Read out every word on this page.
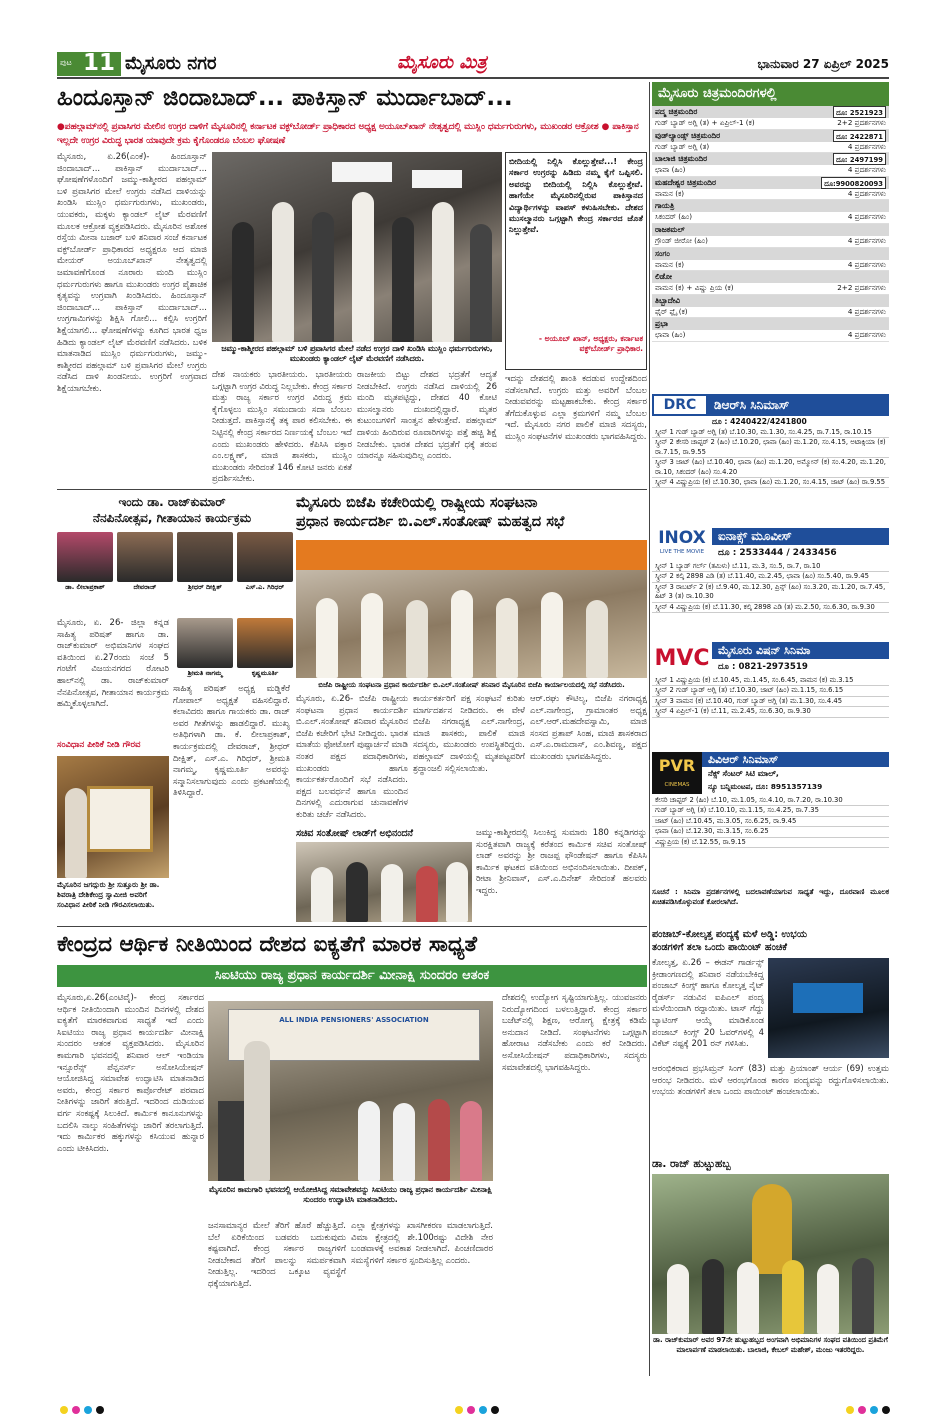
ಪುಟ 11 ಮೈಸೂರು ನಗರ	ಮೈಸೂರು ಮಿತ್ರ	ಭಾನುವಾರ 27 ಏಪ್ರಿಲ್ 2025
ಹಿಂದೂಸ್ತಾನ್ ಜಿಂದಾಬಾದ್... ಪಾಕಿಸ್ತಾನ್ ಮುರ್ದಾಬಾದ್...
●ಪಹಲ್ಗಾಮ್‌ನಲ್ಲಿ ಪ್ರವಾಸಿಗರ ಮೇಲಿನ ಉಗ್ರರ ದಾಳಿಗೆ ಮೈಸೂರಿನಲ್ಲಿ ಕರ್ನಾಟಕ ವಕ್ಫ್‌ಬೋರ್ಡ್ ಪ್ರಾಧಿಕಾರದ ಅಧ್ಯಕ್ಷ ಅಯೂಬ್‌ಖಾನ್ ನೇತೃತ್ವದಲ್ಲಿ ಮುಸ್ಲಿಂ ಧರ್ಮಗುರುಗಳು, ಮುಖಂಡರ ಆಕ್ರೋಶ ● ಪಾಕಿಸ್ತಾನ ಇಲ್ಲದೇ ಉಗ್ರರ ವಿರುದ್ಧ ಭಾರತ ಯಾವುದೇ ಕ್ರಮ ಕೈಗೊಂಡರೂ ಬೆಂಬಲ ಘೋಷಣೆ
ಮೈಸೂರು, ಏ.26(ಎಂಕೆ)- ಹಿಂದೂಸ್ತಾನ್ ಜಿಂದಾಬಾದ್... ಪಾಕಿಸ್ತಾನ್ ಮುರ್ದಾಬಾದ್... ಘೋಷಣೆಗಳೊಂದಿಗೆ ಜಮ್ಮು-ಕಾಶ್ಮೀರದ ಪಹಲ್ಗಾಮ್ ಬಳಿ ಪ್ರವಾಸಿಗರ ಮೇಲೆ ಉಗ್ರರು ನಡೆಸಿದ ದಾಳಿಯನ್ನು ಖಂಡಿಸಿ ಮುಸ್ಲಿಂ ಧರ್ಮಗುರುಗಳು, ಮುಖಂಡರು, ಯುವಕರು, ಮಕ್ಕಳು ಕ್ಯಾಂಡಲ್ ಲೈಟ್ ಮೆರವಣಿಗೆ ಮೂಲಕ ಆಕ್ರೋಶ ವ್ಯಕ್ತಪಡಿಸಿದರು. ಮೈಸೂರಿನ ಅಶೋಕ ರಸ್ತೆಯ ಮೀನಾ ಬಜಾರ್ ಬಳಿ ಶನಿವಾರ ಸಂಜೆ ಕರ್ನಾಟಕ ವಕ್ಫ್‌ಬೋರ್ಡ್ ಪ್ರಾಧಿಕಾರದ ಅಧ್ಯಕ್ಷರೂ ಆದ ಮಾಜಿ ಮೇಯರ್ ಅಯೂಬ್‌ಖಾನ್ ನೇತೃತ್ವದಲ್ಲಿ ಜಮಾವಣೆಗೊಂಡ ನೂರಾರು ಮಂದಿ ಮುಸ್ಲಿಂ ಧರ್ಮಗುರುಗಳು ಹಾಗೂ ಮುಖಂಡರು ಉಗ್ರರ ಪೈಶಾಚಿಕ ಕೃತ್ಯವನ್ನು ಉಗ್ರವಾಗಿ ಖಂಡಿಸಿದರು. ಹಿಂದೂಸ್ತಾನ್ ಜಿಂದಾಬಾದ್... ಪಾಕಿಸ್ತಾನ್ ಮುರ್ದಾಬಾದ್... ಉಗ್ರಗಾಮಿಗಳನ್ನು ಶಿಕ್ಷಿಸಿ ಗೋಲಿ... ಕಲ್ಪಿಸಿ ಉಗ್ರರಿಗೆ ಶಿಕ್ಷೆಯಾಗಲಿ... ಘೋಷಣೆಗಳನ್ನು ಕೂಗಿದ ಭಾರತ ಧ್ವಜ ಹಿಡಿದು ಕ್ಯಾಂಡಲ್ ಲೈಟ್ ಮೆರವಣಿಗೆ ನಡೆಸಿದರು. ಬಳಿಕ ಮಾತನಾಡಿದ ಮುಸ್ಲಿಂ ಧರ್ಮಗುರುಗಳು, ಜಮ್ಮು-ಕಾಶ್ಮೀರದ ಪಹಲ್ಗಾಮ್ ಬಳಿ ಪ್ರವಾಸಿಗರ ಮೇಲೆ ಉಗ್ರರು ನಡೆಸಿದ ದಾಳಿ ಖಂಡನೀಯ. ಉಗ್ರರಿಗೆ ಉಗ್ರವಾದ ಶಿಕ್ಷೆಯಾಗಬೇಕು.
ಜಮ್ಮು-ಕಾಶ್ಮೀರದ ಪಹಲ್ಗಾಮ್ ಬಳಿ ಪ್ರವಾಸಿಗರ ಮೇಲೆ ನಡೆದ ಉಗ್ರರ ದಾಳಿ ಖಂಡಿಸಿ ಮುಸ್ಲಿಂ ಧರ್ಮಗುರುಗಳು, ಮುಖಂಡರು ಕ್ಯಾಂಡಲ್ ಲೈಟ್ ಮೆರವಣಿಗೆ ನಡೆಸಿದರು.
ಬೀದಿಯಲ್ಲಿ ನಿಲ್ಲಿಸಿ ಕೊಲ್ಲುತ್ತೇವೆ...! ಕೇಂದ್ರ ಸರ್ಕಾರ ಉಗ್ರರನ್ನು ಹಿಡಿದು ನಮ್ಮ ಕೈಗೆ ಒಪ್ಪಿಸಲಿ. ಅವರನ್ನು ಬೀದಿಯಲ್ಲಿ ನಿಲ್ಲಿಸಿ ಕೊಲ್ಲುತ್ತೇವೆ. ಹಾಗೆಯೇ ಮೈಸೂರಿನಲ್ಲಿರುವ ಪಾಕಿಸ್ತಾನದ ವಿದ್ಯಾರ್ಥಿಗಳನ್ನು ವಾಪಸ್ ಕಳುಹಿಸಬೇಕು. ದೇಶದ ಮುಸಲ್ಮಾನರು ಒಗ್ಗಟ್ಟಾಗಿ ಕೇಂದ್ರ ಸರ್ಕಾರದ ಜೊತೆ ನಿಲ್ಲುತ್ತೇವೆ.
- ಅಯೂಬ್ ಖಾನ್, ಅಧ್ಯಕ್ಷರು, ಕರ್ನಾಟಕ ವಕ್ಫ್‌ಬೋರ್ಡ್ ಪ್ರಾಧಿಕಾರ.
ದೇಶ ನಾಯಕರು ಭಾರತೀಯರು. ಭಾರತೀಯರು ಒಗ್ಗಟ್ಟಾಗಿ ಉಗ್ರರ ವಿರುದ್ಧ ನಿಲ್ಲಬೇಕು. ಕೇಂದ್ರ ಸರ್ಕಾರ ಮತ್ತು ರಾಜ್ಯ ಸರ್ಕಾರ ಉಗ್ರರ ವಿರುದ್ಧ ಕ್ರಮ ಕೈಗೊಳ್ಳಲು ಮುಸ್ಲಿಂ ಸಮುದಾಯ ಸದಾ ಬೆಂಬಲ ನೀಡುತ್ತದೆ. ಪಾಕಿಸ್ತಾನಕ್ಕೆ ತಕ್ಕ ಪಾಠ ಕಲಿಸಬೇಕು. ಈ ನಿಟ್ಟಿನಲ್ಲಿ ಕೇಂದ್ರ ಸರ್ಕಾರದ ನಿರ್ಣಯಕ್ಕೆ ಬೆಂಬಲ ಇದೆ ಎಂದು ಮುಖಂಡರು ಹೇಳಿದರು. ಕೆಪಿಸಿಸಿ ವಕ್ತಾರ ಎಂ.ಲಕ್ಷ್ಮಣ್, ಮಾಜಿ ಶಾಸಕರು, ಮುಸ್ಲಿಂ ಮುಖಂಡರು ಸೇರಿದಂತೆ 146 ಕೋಟಿ ಜನರು ಏಕತೆ ಪ್ರದರ್ಶಿಸಬೇಕು.
ರಾಜಕೀಯ ಬಿಟ್ಟು ದೇಶದ ಭದ್ರತೆಗೆ ಆದ್ಯತೆ ನೀಡಬೇಕಿದೆ. ಉಗ್ರರು ನಡೆಸಿದ ದಾಳಿಯಲ್ಲಿ 26 ಮಂದಿ ಮೃತಪಟ್ಟಿದ್ದು, ದೇಶದ 40 ಕೋಟಿ ಮುಸಲ್ಮಾನರು ದುಃಖದಲ್ಲಿದ್ದಾರೆ. ಮೃತರ ಕುಟುಂಬಗಳಿಗೆ ಸಾಂತ್ವನ ಹೇಳುತ್ತೇವೆ. ಪಹಲ್ಗಾಮ್ ದಾಳಿಯ ಹಿಂದಿರುವ ರೂವಾರಿಗಳನ್ನು ಪತ್ತೆ ಹಚ್ಚಿ ಶಿಕ್ಷೆ ನೀಡಬೇಕು. ಭಾರತ ದೇಶದ ಭದ್ರತೆಗೆ ಧಕ್ಕೆ ತರುವ ಯಾರನ್ನೂ ಸಹಿಸುವುದಿಲ್ಲ ಎಂದರು.
ಇದನ್ನು ದೇಶದಲ್ಲಿ ಶಾಂತಿ ಕದಡುವ ಉದ್ದೇಶದಿಂದ ನಡೆಸಲಾಗಿದೆ. ಉಗ್ರರು ಮತ್ತು ಅವರಿಗೆ ಬೆಂಬಲ ನೀಡುವವರನ್ನು ಮಟ್ಟಹಾಕಬೇಕು. ಕೇಂದ್ರ ಸರ್ಕಾರ ತೆಗೆದುಕೊಳ್ಳುವ ಎಲ್ಲಾ ಕ್ರಮಗಳಿಗೆ ನಮ್ಮ ಬೆಂಬಲ ಇದೆ. ಮೈಸೂರು ನಗರ ಪಾಲಿಕೆ ಮಾಜಿ ಸದಸ್ಯರು, ಮುಸ್ಲಿಂ ಸಂಘಟನೆಗಳ ಮುಖಂಡರು ಭಾಗವಹಿಸಿದ್ದರು.
ಮೈಸೂರು ಚಿತ್ರಮಂದಿರಗಳಲ್ಲಿ
ಪದ್ಮ ಚಿತ್ರಮಂದಿರ	ದೂ: 2521923
ಗುಡ್ ಬ್ಯಾಡ್ ಅಗ್ಲಿ (ತ) + ಏಪ್ರಿಲ್-1 (ಕ)	2+2 ಪ್ರದರ್ಶನಗಳು
ವುಡ್‌ಲ್ಯಾಂಡ್ಸ್ ಚಿತ್ರಮಂದಿರ	ದೂ: 2422871
ಗುಡ್ ಬ್ಯಾಡ್ ಅಗ್ಲಿ (ತ)	4 ಪ್ರದರ್ಶನಗಳು
ಬಾಲಾಜಿ ಚಿತ್ರಮಂದಿರ	ದೂ: 2497199
ಛಾವಾ (ಹಿಂ)	4 ಪ್ರದರ್ಶನಗಳು
ಮಹದೇಶ್ವರ ಚಿತ್ರಮಂದಿರ	ದೂ:9900820093
ವಾಮನ (ಕ)	4 ಪ್ರದರ್ಶನಗಳು
ಗಾಯತ್ರಿ
ಸಿಕಂದರ್ (ಹಿಂ)	4 ಪ್ರದರ್ಶನಗಳು
ರಾಜಕಮಲ್
ಗ್ರೌಂಡ್ ಜೀರೋ (ಹಿಂ)	4 ಪ್ರದರ್ಶನಗಳು
ಸಂಗಂ
ವಾಮನ (ಕ)	4 ಪ್ರದರ್ಶನಗಳು
ಲಿಡೋ
ವಾಮನ (ಕ) + ವಿಷ್ಣು ಪ್ರಿಯ (ಕ)	2+2 ಪ್ರದರ್ಶನಗಳು
ತಿಬ್ಬಾದೇವಿ
ಫೈರ್ ಫ್ಲೈ (ಕ)	4 ಪ್ರದರ್ಶನಗಳು
ಪ್ರಭಾ
ಛಾವಾ (ಹಿಂ)	4 ಪ್ರದರ್ಶನಗಳು
DRC	ಡಿಆರ್‌ಸಿ ಸಿನಿಮಾಸ್
ದೂ : 4240422/4241800
ಸ್ಕ್ರೀನ್ 1 ಗುಡ್ ಬ್ಯಾಡ್ ಅಗ್ಲಿ (ತ) ಬೆ.10.30, ಮ.1.30, ಸಂ.4.25, ರಾ.7.15, ರಾ.10.15
ಸ್ಕ್ರೀನ್ 2 ಕೇಸರಿ ಚಾಪ್ಟರ್ 2 (ಹಿಂ) ಬೆ.10.20, ಛಾವಾ (ಹಿಂ) ಮ.1.20, ಸಂ.4.15, ಅಟಾಕ್ಸಿಯಾ (ಕ) ರಾ.7.15, ರಾ.9.55
ಸ್ಕ್ರೀನ್ 3 ಜಾಟ್ (ಹಿಂ) ಬೆ.10.40, ಛಾವಾ (ಹಿಂ) ಮ.1.20, ಅಮ್ಮೋನ್ (ಕ) ಸಂ.4.20, ಮ.1.20, ರಾ.10, ಸಿಕಂದರ್ (ಹಿಂ) ಸಂ.4.20
ಸ್ಕ್ರೀನ್ 4 ವಿಷ್ಣುಪ್ರಿಯ (ಕ) ಬೆ.10.30, ಛಾವಾ (ಹಿಂ) ಮ.1.20, ಸಂ.4.15, ಜಾಟ್ (ಹಿಂ) ರಾ.9.55
INOX
LIVE THE MOVIE
ಐನಾಕ್ಸ್ ಮೂವೀಸ್
ದೂ : 2533444 / 2433456
ಸ್ಕ್ರೀನ್ 1 ಬ್ಯಾಡ್ ಗರ್ಲ್ (ತಮಿಳು) ಬೆ.11, ಮ.3, ಸಂ.5, ರಾ.7, ರಾ.10
ಸ್ಕ್ರೀನ್ 2 ಕಲ್ಕಿ 2898 ಎಡಿ (ತ) ಬೆ.11.40, ಮ.2.45, ಛಾವಾ (ಹಿಂ) ಸಂ.5.40, ರಾ.9.45
ಸ್ಕ್ರೀನ್ 3 ರಾಬರ್ಟ್ 2 (ಕ) ಬೆ.9.40, ಮ.12.30, ಪ್ರಿನ್ಸ್ (ಹಿಂ) ಸಂ.3.20, ಮ.1.20, ರಾ.7.45, ಹಿಟ್ 3 (ತ) ರಾ.10.30
ಸ್ಕ್ರೀನ್ 4 ವಿಷ್ಣುಪ್ರಿಯ (ಕ) ಬೆ.11.30, ಕಲ್ಕಿ 2898 ಎಡಿ (ತ) ಮ.2.50, ಸಂ.6.30, ರಾ.9.30
MVC ಮೈಸೂರು ವಿಷನ್ ಸಿನಿಮಾ
ದೂ : 0821-2973519
ಸ್ಕ್ರೀನ್ 1 ವಿಷ್ಣುಪ್ರಿಯ (ಕ) ಬೆ.10.45, ಮ.1.45, ಸಂ.6.45, ವಾಮನ (ಕ) ಮ.3.15
ಸ್ಕ್ರೀನ್ 2 ಗುಡ್ ಬ್ಯಾಡ್ ಅಗ್ಲಿ (ತ) ಬೆ.10.30, ಜಾಟ್ (ಹಿಂ) ಮ.1.15, ಸಂ.6.15
ಸ್ಕ್ರೀನ್ 3 ವಾಮನ (ಕ) ಬೆ.10.40, ಗುಡ್ ಬ್ಯಾಡ್ ಅಗ್ಲಿ (ತ) ಮ.1.30, ಸಂ.4.45
ಸ್ಕ್ರೀನ್ 4 ಏಪ್ರಿಲ್-1 (ಕ) ಬೆ.11, ಮ.2.45, ಸಂ.6.30, ರಾ.9.30
PVR
CINEMAS
ಪಿವಿಆರ್ ಸಿನಿಮಾಸ್
ನೆಕ್ಸ್ ಸೆಂಟರ್ ಸಿಟಿ ಮಾಲ್,
ನ್ಯೂ ಬನ್ನಿಮಂಟಪ, ದೂ: 8951357139
ಕೇಸರಿ ಚಾಪ್ಟರ್ 2 (ಹಿಂ) ಬೆ.10, ಮ.1.05, ಸಂ.4.10, ರಾ.7.20, ರಾ.10.30
ಗುಡ್ ಬ್ಯಾಡ್ ಅಗ್ಲಿ (ತ) ಬೆ.10.10, ಮ.1.15, ಸಂ.4.25, ರಾ.7.35
ಜಾಟ್ (ಹಿಂ) ಬೆ.10.45, ಮ.3.05, ಸಂ.6.25, ರಾ.9.45
ಛಾವಾ (ಹಿಂ) ಬೆ.12.30, ಮ.3.15, ಸಂ.6.25
ವಿಷ್ಣುಪ್ರಿಯ (ಕ) ಬೆ.12.55, ರಾ.9.15
ಸೂಚನೆ : ಸಿನಿಮಾ ಪ್ರದರ್ಶನಗಳಲ್ಲಿ ಬದಲಾವಣೆಯಾಗುವ ಸಾಧ್ಯತೆ ಇದ್ದು, ದೂರವಾಣಿ ಮೂಲಕ ಖಚಿತಪಡಿಸಿಕೊಳ್ಳುವಂತೆ ಕೋರಲಾಗಿದೆ.
ಇಂದು ಡಾ. ರಾಜ್‌ಕುಮಾರ್
ನೆನಪಿನೋತ್ಸವ, ಗೀತಾಯಾನ ಕಾರ್ಯಕ್ರಮ
ಡಾ. ಲೀಲಾಪ್ರಕಾಶ್	ದೇವರಾಜ್	ಶ್ರೀಧರ್ ದೀಕ್ಷಿತ್	ಎಸ್.ಎ. ಗಿರಿಧರ್
ಶ್ರೀಮತಿ ನಾಗಮ್ಮ	ಕೃಷ್ಣಮೂರ್ತಿ
ಮೈಸೂರು, ಏ. 26- ಜಿಲ್ಲಾ ಕನ್ನಡ ಸಾಹಿತ್ಯ ಪರಿಷತ್ ಹಾಗೂ ಡಾ. ರಾಜ್‌ಕುಮಾರ್ ಅಭಿಮಾನಿಗಳ ಸಂಘದ ವತಿಯಿಂದ ಏ.27ರಂದು ಸಂಜೆ 5 ಗಂಟೆಗೆ ವಿಜಯನಗರದ ರೋಟರಿ ಹಾಲ್‌ನಲ್ಲಿ ಡಾ. ರಾಜ್‌ಕುಮಾರ್ ನೆನಪಿನೋತ್ಸವ, ಗೀತಾಯಾನ ಕಾರ್ಯಕ್ರಮ ಹಮ್ಮಿಕೊಳ್ಳಲಾಗಿದೆ.
ಸಂವಿಧಾನ ಪೀಠಿಕೆ ನೀಡಿ ಗೌರವ
ಮೈಸೂರಿನ ಜಗದ್ಗುರು ಶ್ರೀ ಸುತ್ತೂರು ಶ್ರೀ ಡಾ. ಶಿವರಾತ್ರಿ ದೇಶಿಕೇಂದ್ರ ಸ್ವಾಮೀಜಿ ಅವರಿಗೆ ಸಂವಿಧಾನ ಪೀಠಿಕೆ ನೀಡಿ ಗೌರವಿಸಲಾಯಿತು.
ಸಾಹಿತ್ಯ ಪರಿಷತ್ ಅಧ್ಯಕ್ಷ ಮಡ್ಡಿಕೆರೆ ಗೋಪಾಲ್ ಅಧ್ಯಕ್ಷತೆ ವಹಿಸಲಿದ್ದಾರೆ. ಕಲಾವಿದರು ಹಾಗೂ ಗಾಯಕರು ಡಾ. ರಾಜ್ ಅವರ ಗೀತೆಗಳನ್ನು ಹಾಡಲಿದ್ದಾರೆ. ಮುಖ್ಯ ಅತಿಥಿಗಳಾಗಿ ಡಾ. ಕೆ. ಲೀಲಾಪ್ರಕಾಶ್, ಕಾರ್ಯಕ್ರಮದಲ್ಲಿ ದೇವರಾಜ್, ಶ್ರೀಧರ್ ದೀಕ್ಷಿತ್, ಎಸ್.ಎ. ಗಿರಿಧರ್, ಶ್ರೀಮತಿ ನಾಗಮ್ಮ, ಕೃಷ್ಣಮೂರ್ತಿ ಅವರನ್ನು ಸನ್ಮಾನಿಸಲಾಗುವುದು ಎಂದು ಪ್ರಕಟಣೆಯಲ್ಲಿ ತಿಳಿಸಿದ್ದಾರೆ.
ಮೈಸೂರು ಬಿಜೆಪಿ ಕಚೇರಿಯಲ್ಲಿ ರಾಷ್ಟ್ರೀಯ ಸಂಘಟನಾ
ಪ್ರಧಾನ ಕಾರ್ಯದರ್ಶಿ ಬಿ.ಎಲ್.ಸಂತೋಷ್ ಮಹತ್ವದ ಸಭೆ
ಬಿಜೆಪಿ ರಾಷ್ಟ್ರೀಯ ಸಂಘಟನಾ ಪ್ರಧಾನ ಕಾರ್ಯದರ್ಶಿ ಬಿ.ಎಲ್.ಸಂತೋಷ್ ಶನಿವಾರ ಮೈಸೂರಿನ ಬಿಜೆಪಿ ಕಾರ್ಯಾಲಯದಲ್ಲಿ ಸಭೆ ನಡೆಸಿದರು.
ಮೈಸೂರು, ಏ.26- ಬಿಜೆಪಿ ರಾಷ್ಟ್ರೀಯ ಸಂಘಟನಾ ಪ್ರಧಾನ ಕಾರ್ಯದರ್ಶಿ ಬಿ.ಎಲ್.ಸಂತೋಷ್ ಶನಿವಾರ ಮೈಸೂರಿನ ಬಿಜೆಪಿ ಕಚೇರಿಗೆ ಭೇಟಿ ನೀಡಿದ್ದರು. ಭಾರತ ಮಾತೆಯ ಫೋಟೋಗೆ ಪುಷ್ಪಾರ್ಚನೆ ಮಾಡಿ ನಂತರ ಪಕ್ಷದ ಪದಾಧಿಕಾರಿಗಳು, ಮುಖಂಡರು ಹಾಗೂ ಕಾರ್ಯಕರ್ತರೊಂದಿಗೆ ಸಭೆ ನಡೆಸಿದರು. ಪಕ್ಷದ ಬಲವರ್ಧನೆ ಹಾಗೂ ಮುಂದಿನ ದಿನಗಳಲ್ಲಿ ಎದುರಾಗುವ ಚುನಾವಣೆಗಳ ಕುರಿತು ಚರ್ಚೆ ನಡೆಸಿದರು.
ಕಾರ್ಯಕರ್ತರಿಗೆ ಪಕ್ಷ ಸಂಘಟನೆ ಕುರಿತು ಮಾರ್ಗದರ್ಶನ ನೀಡಿದರು. ಈ ವೇಳೆ ಬಿಜೆಪಿ ನಗರಾಧ್ಯಕ್ಷ ಎಲ್.ನಾಗೇಂದ್ರ, ಮಾಜಿ ಶಾಸಕರು, ಪಾಲಿಕೆ ಮಾಜಿ ಸದಸ್ಯರು, ಮುಖಂಡರು ಉಪಸ್ಥಿತರಿದ್ದರು. ಪಹಲ್ಗಾಮ್ ದಾಳಿಯಲ್ಲಿ ಮೃತಪಟ್ಟವರಿಗೆ ಶ್ರದ್ಧಾಂಜಲಿ ಸಲ್ಲಿಸಲಾಯಿತು.
ಆರ್.ರಘು ಕೌಟಿಲ್ಯ, ಬಿಜೆಪಿ ನಗರಾಧ್ಯಕ್ಷ ಎಲ್.ನಾಗೇಂದ್ರ, ಗ್ರಾಮಾಂತರ ಅಧ್ಯಕ್ಷ ಎಲ್.ಆರ್.ಮಹದೇವಸ್ವಾಮಿ, ಮಾಜಿ ಸಂಸದ ಪ್ರತಾಪ್ ಸಿಂಹ, ಮಾಜಿ ಶಾಸಕರಾದ ಎಸ್.ಎ.ರಾಮದಾಸ್, ಎಂ.ಶಿವಣ್ಣ, ಪಕ್ಷದ ಮುಖಂಡರು ಭಾಗವಹಿಸಿದ್ದರು.
ಸಚಿವ ಸಂತೋಷ್ ಲಾಡ್‌ಗೆ ಅಭಿನಂದನೆ	ಜಮ್ಮು-ಕಾಶ್ಮೀರದಲ್ಲಿ ಸಿಲುಕಿದ್ದ ಸುಮಾರು 180 ಕನ್ನಡಿಗರನ್ನು ಸುರಕ್ಷಿತವಾಗಿ ರಾಜ್ಯಕ್ಕೆ ಕರೆತಂದ ಕಾರ್ಮಿಕ ಸಚಿವ ಸಂತೋಷ್ ಲಾಡ್ ಅವರನ್ನು ಶ್ರೀ ರಾಜಪ್ಪ ಫೌಂಡೇಷನ್ ಹಾಗೂ ಕೆಪಿಸಿಸಿ ಕಾರ್ಮಿಕ ಘಟಕದ ವತಿಯಿಂದ ಅಭಿನಂದಿಸಲಾಯಿತು. ದೀಪಕ್, ರೀಟಾ ಶ್ರೀನಿವಾಸ್, ಎಸ್.ಎ.ದಿನೇಶ್ ಸೇರಿದಂತೆ ಹಲವರು ಇದ್ದರು.
ಪಂಜಾಬ್-ಕೋಲ್ಕತ್ತ ಪಂದ್ಯಕ್ಕೆ ಮಳೆ ಅಡ್ಡಿ: ಉಭಯ
ತಂಡಗಳಿಗೆ ತಲಾ ಒಂದು ಪಾಯಿಂಟ್ ಹಂಚಿಕೆ
ಕೇಂದ್ರದ ಆರ್ಥಿಕ ನೀತಿಯಿಂದ ದೇಶದ ಐಕ್ಯತೆಗೆ ಮಾರಕ ಸಾಧ್ಯತೆ
ಸಿಐಟಿಯು ರಾಜ್ಯ ಪ್ರಧಾನ ಕಾರ್ಯದರ್ಶಿ ಮೀನಾಕ್ಷಿ ಸುಂದರಂ ಆತಂಕ
ಮೈಸೂರು,ಏ.26(ಎಂಟಿವೈ)- ಕೇಂದ್ರ ಸರ್ಕಾರದ ಆರ್ಥಿಕ ನೀತಿಯಿಂದಾಗಿ ಮುಂದಿನ ದಿನಗಳಲ್ಲಿ ದೇಶದ ಐಕ್ಯತೆಗೆ ಮಾರಕವಾಗುವ ಸಾಧ್ಯತೆ ಇದೆ ಎಂದು ಸಿಐಟಿಯು ರಾಜ್ಯ ಪ್ರಧಾನ ಕಾರ್ಯದರ್ಶಿ ಮೀನಾಕ್ಷಿ ಸುಂದರಂ ಆತಂಕ ವ್ಯಕ್ತಪಡಿಸಿದರು. ಮೈಸೂರಿನ ಕಾಮಗಾರಿ ಭವನದಲ್ಲಿ ಶನಿವಾರ ಆಲ್ ಇಂಡಿಯಾ ಇನ್ಸೂರೆನ್ಸ್ ಪೆನ್ಷನರ್ಸ್ ಅಸೋಸಿಯೇಷನ್ ಆಯೋಜಿಸಿದ್ದ ಸಮಾವೇಶ ಉದ್ಘಾಟಿಸಿ ಮಾತನಾಡಿದ ಅವರು, ಕೇಂದ್ರ ಸರ್ಕಾರ ಕಾರ್ಪೊರೇಟ್ ಪರವಾದ ನೀತಿಗಳನ್ನು ಜಾರಿಗೆ ತರುತ್ತಿದೆ. ಇದರಿಂದ ದುಡಿಯುವ ವರ್ಗ ಸಂಕಷ್ಟಕ್ಕೆ ಸಿಲುಕಿದೆ. ಕಾರ್ಮಿಕ ಕಾನೂನುಗಳನ್ನು ಬದಲಿಸಿ ನಾಲ್ಕು ಸಂಹಿತೆಗಳನ್ನು ಜಾರಿಗೆ ತರಲಾಗುತ್ತಿದೆ. ಇದು ಕಾರ್ಮಿಕರ ಹಕ್ಕುಗಳನ್ನು ಕಸಿಯುವ ಹುನ್ನಾರ ಎಂದು ಟೀಕಿಸಿದರು.
ALL INDIA PENSIONERS' ASSOCIATION
ಮೈಸೂರಿನ ಕಾಮಗಾರಿ ಭವನದಲ್ಲಿ ಆಯೋಜಿಸಿದ್ದ ಸಮಾವೇಶವನ್ನು ಸಿಐಟಿಯು ರಾಜ್ಯ ಪ್ರಧಾನ ಕಾರ್ಯದರ್ಶಿ ಮೀನಾಕ್ಷಿ ಸುಂದರಂ ಉದ್ಘಾಟಿಸಿ ಮಾತನಾಡಿದರು.
ಜನಸಾಮಾನ್ಯರ ಮೇಲೆ ತೆರಿಗೆ ಹೊರೆ ಹೆಚ್ಚುತ್ತಿದೆ. ಬೆಲೆ ಏರಿಕೆಯಿಂದ ಬಡವರು ಬದುಕುವುದು ಕಷ್ಟವಾಗಿದೆ. ಕೇಂದ್ರ ಸರ್ಕಾರ ರಾಜ್ಯಗಳಿಗೆ ನೀಡಬೇಕಾದ ತೆರಿಗೆ ಪಾಲನ್ನು ಸಮರ್ಪಕವಾಗಿ ನೀಡುತ್ತಿಲ್ಲ. ಇದರಿಂದ ಒಕ್ಕೂಟ ವ್ಯವಸ್ಥೆಗೆ ಧಕ್ಕೆಯಾಗುತ್ತಿದೆ.
ಎಲ್ಲಾ ಕ್ಷೇತ್ರಗಳನ್ನು ಖಾಸಗೀಕರಣ ಮಾಡಲಾಗುತ್ತಿದೆ. ವಿಮಾ ಕ್ಷೇತ್ರದಲ್ಲಿ ಶೇ.100ರಷ್ಟು ವಿದೇಶಿ ನೇರ ಬಂಡವಾಳಕ್ಕೆ ಅವಕಾಶ ನೀಡಲಾಗಿದೆ. ಪಿಂಚಣಿದಾರರ ಸಮಸ್ಯೆಗಳಿಗೆ ಸರ್ಕಾರ ಸ್ಪಂದಿಸುತ್ತಿಲ್ಲ ಎಂದರು.
ದೇಶದಲ್ಲಿ ಉದ್ಯೋಗ ಸೃಷ್ಟಿಯಾಗುತ್ತಿಲ್ಲ. ಯುವಜನರು ನಿರುದ್ಯೋಗದಿಂದ ಬಳಲುತ್ತಿದ್ದಾರೆ. ಕೇಂದ್ರ ಸರ್ಕಾರ ಬಜೆಟ್‌ನಲ್ಲಿ ಶಿಕ್ಷಣ, ಆರೋಗ್ಯ ಕ್ಷೇತ್ರಕ್ಕೆ ಕಡಿಮೆ ಅನುದಾನ ನೀಡಿದೆ. ಸಂಘಟನೆಗಳು ಒಗ್ಗಟ್ಟಾಗಿ ಹೋರಾಟ ನಡೆಸಬೇಕು ಎಂದು ಕರೆ ನೀಡಿದರು. ಅಸೋಸಿಯೇಷನ್ ಪದಾಧಿಕಾರಿಗಳು, ಸದಸ್ಯರು ಸಮಾವೇಶದಲ್ಲಿ ಭಾಗವಹಿಸಿದ್ದರು.
ಕೋಲ್ಕತ್ತ, ಏ.26 – ಈಡನ್ ಗಾರ್ಡನ್ಸ್ ಕ್ರೀಡಾಂಗಣದಲ್ಲಿ ಶನಿವಾರ ನಡೆಯಬೇಕಿದ್ದ ಪಂಜಾಬ್ ಕಿಂಗ್ಸ್ ಹಾಗೂ ಕೋಲ್ಕತ್ತ ನೈಟ್ ರೈಡರ್ಸ್ ನಡುವಿನ ಐಪಿಎಲ್ ಪಂದ್ಯ ಮಳೆಯಿಂದಾಗಿ ರದ್ದಾಯಿತು. ಟಾಸ್ ಗೆದ್ದು ಬ್ಯಾಟಿಂಗ್ ಆಯ್ಕೆ ಮಾಡಿಕೊಂಡ ಪಂಜಾಬ್ ಕಿಂಗ್ಸ್ 20 ಓವರ್‌ಗಳಲ್ಲಿ 4 ವಿಕೆಟ್ ನಷ್ಟಕ್ಕೆ 201 ರನ್ ಗಳಿಸಿತು.
ಆರಂಭಿಕರಾದ ಪ್ರಭಸಿಮ್ರನ್ ಸಿಂಗ್ (83) ಮತ್ತು ಪ್ರಿಯಾಂಶ್ ಆರ್ಯ (69) ಉತ್ತಮ ಆರಂಭ ನೀಡಿದರು. ಮಳೆ ಆರಂಭಗೊಂಡ ಕಾರಣ ಪಂದ್ಯವನ್ನು ರದ್ದುಗೊಳಿಸಲಾಯಿತು. ಉಭಯ ತಂಡಗಳಿಗೆ ತಲಾ ಒಂದು ಪಾಯಿಂಟ್ ಹಂಚಲಾಯಿತು.
ಡಾ. ರಾಜ್ ಹುಟ್ಟುಹಬ್ಬ
ಡಾ. ರಾಜ್‌ಕುಮಾರ್ ಅವರ 97ನೇ ಹುಟ್ಟುಹಬ್ಬದ ಅಂಗವಾಗಿ ಅಭಿಮಾನಿಗಳ ಸಂಘದ ವತಿಯಿಂದ ಪ್ರತಿಮೆಗೆ ಮಾಲಾರ್ಪಣೆ ಮಾಡಲಾಯಿತು. ಬಾಲಾಜಿ, ಕೇಬಲ್ ಮಹೇಶ್, ಮಂಜು ಇತರರಿದ್ದರು.
